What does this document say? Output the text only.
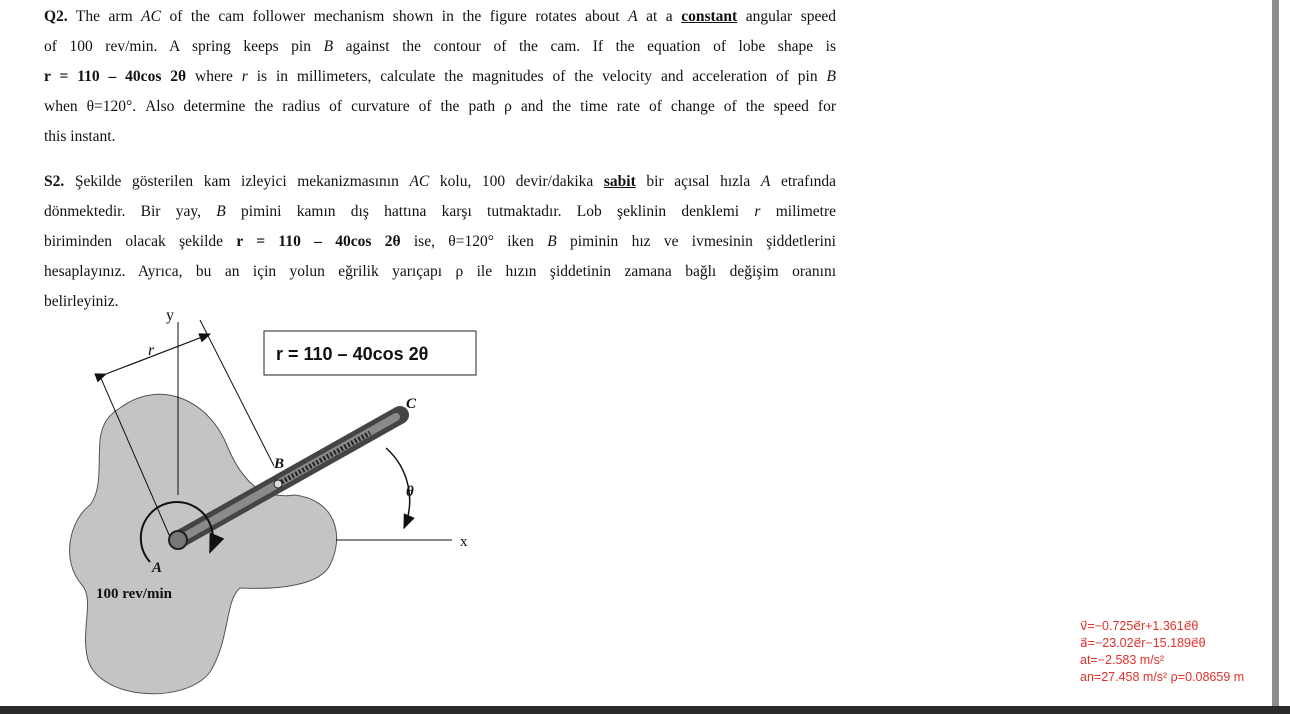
Q2. The arm AC of the cam follower mechanism shown in the figure rotates about A at a constant angular speed
of 100 rev/min. A spring keeps pin B against the contour of the cam. If the equation of lobe shape is
r = 110 – 40cos 2θ where r is in millimeters, calculate the magnitudes of the velocity and acceleration of pin B
when θ=120°. Also determine the radius of curvature of the path ρ and the time rate of change of the speed for
this instant.
S2. Şekilde gösterilen kam izleyici mekanizmasının AC kolu, 100 devir/dakika sabit bir açısal hızla A etrafında
dönmektedir. Bir yay, B pimini kamın dış hattına karşı tutmaktadır. Lob şeklinin denklemi r milimetre
biriminden olacak şekilde r = 110 – 40cos 2θ ise, θ=120° iken B piminin hız ve ivmesinin şiddetlerini
hesaplayınız. Ayrıca, bu an için yolun eğrilik yarıçapı ρ ile hızın şiddetinin zamana bağlı değişim oranını
belirleyiniz.
r = 110 – 40cos 2θ
y
r
C
B
θ
x
A
100 rev/min
v⃗=−0.725e⃗r+1.361e⃗θ
a⃗=−23.02e⃗r−15.189e⃗θ
at=−2.583 m/s²
an=27.458 m/s² ρ=0.08659 m
